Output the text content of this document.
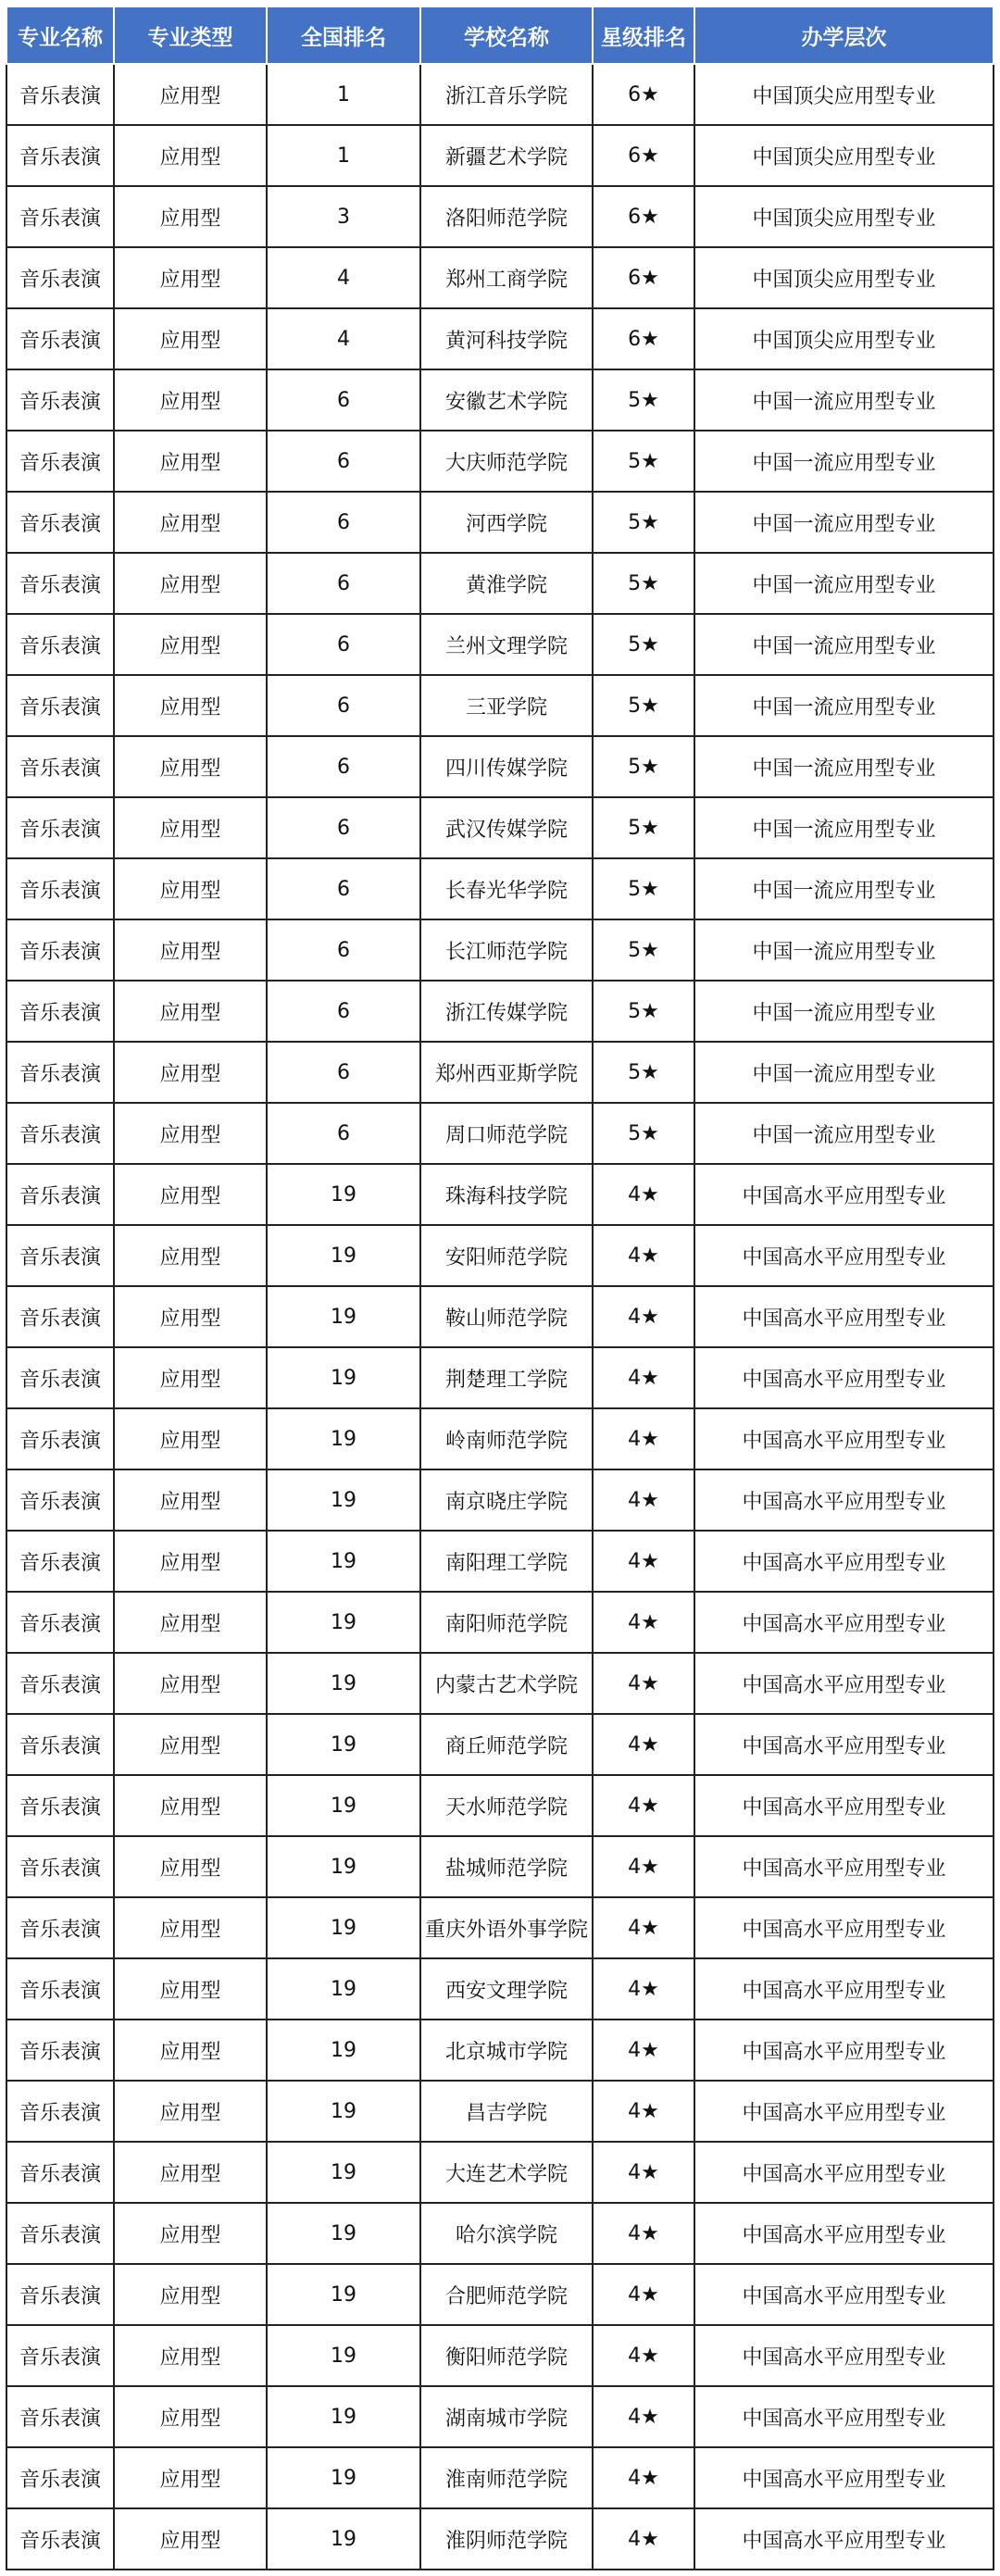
专业名称	专业类型	全国排名	学校名称	星级排名	办学层次
音乐表演	应用型	1	浙江音乐学院	6★	中国顶尖应用型专业
音乐表演	应用型	1	新疆艺术学院	6★	中国顶尖应用型专业
音乐表演	应用型	3	洛阳师范学院	6★	中国顶尖应用型专业
音乐表演	应用型	4	郑州工商学院	6★	中国顶尖应用型专业
音乐表演	应用型	4	黄河科技学院	6★	中国顶尖应用型专业
音乐表演	应用型	6	安徽艺术学院	5★	中国一流应用型专业
音乐表演	应用型	6	大庆师范学院	5★	中国一流应用型专业
音乐表演	应用型	6	河西学院	5★	中国一流应用型专业
音乐表演	应用型	6	黄淮学院	5★	中国一流应用型专业
音乐表演	应用型	6	兰州文理学院	5★	中国一流应用型专业
音乐表演	应用型	6	三亚学院	5★	中国一流应用型专业
音乐表演	应用型	6	四川传媒学院	5★	中国一流应用型专业
音乐表演	应用型	6	武汉传媒学院	5★	中国一流应用型专业
音乐表演	应用型	6	长春光华学院	5★	中国一流应用型专业
音乐表演	应用型	6	长江师范学院	5★	中国一流应用型专业
音乐表演	应用型	6	浙江传媒学院	5★	中国一流应用型专业
音乐表演	应用型	6	郑州西亚斯学院	5★	中国一流应用型专业
音乐表演	应用型	6	周口师范学院	5★	中国一流应用型专业
音乐表演	应用型	19	珠海科技学院	4★	中国高水平应用型专业
音乐表演	应用型	19	安阳师范学院	4★	中国高水平应用型专业
音乐表演	应用型	19	鞍山师范学院	4★	中国高水平应用型专业
音乐表演	应用型	19	荆楚理工学院	4★	中国高水平应用型专业
音乐表演	应用型	19	岭南师范学院	4★	中国高水平应用型专业
音乐表演	应用型	19	南京晓庄学院	4★	中国高水平应用型专业
音乐表演	应用型	19	南阳理工学院	4★	中国高水平应用型专业
音乐表演	应用型	19	南阳师范学院	4★	中国高水平应用型专业
音乐表演	应用型	19	内蒙古艺术学院	4★	中国高水平应用型专业
音乐表演	应用型	19	商丘师范学院	4★	中国高水平应用型专业
音乐表演	应用型	19	天水师范学院	4★	中国高水平应用型专业
音乐表演	应用型	19	盐城师范学院	4★	中国高水平应用型专业
音乐表演	应用型	19	重庆外语外事学院	4★	中国高水平应用型专业
音乐表演	应用型	19	西安文理学院	4★	中国高水平应用型专业
音乐表演	应用型	19	北京城市学院	4★	中国高水平应用型专业
音乐表演	应用型	19	昌吉学院	4★	中国高水平应用型专业
音乐表演	应用型	19	大连艺术学院	4★	中国高水平应用型专业
音乐表演	应用型	19	哈尔滨学院	4★	中国高水平应用型专业
音乐表演	应用型	19	合肥师范学院	4★	中国高水平应用型专业
音乐表演	应用型	19	衡阳师范学院	4★	中国高水平应用型专业
音乐表演	应用型	19	湖南城市学院	4★	中国高水平应用型专业
音乐表演	应用型	19	淮南师范学院	4★	中国高水平应用型专业
音乐表演	应用型	19	淮阴师范学院	4★	中国高水平应用型专业
